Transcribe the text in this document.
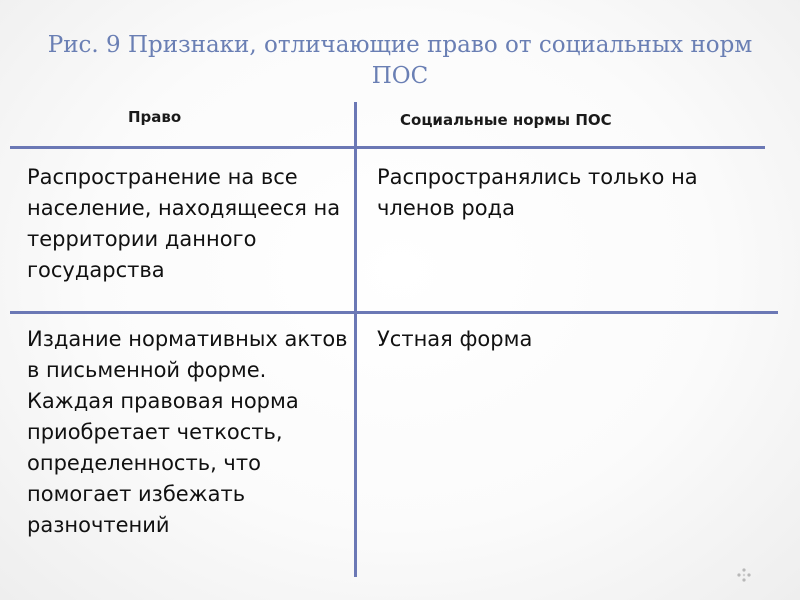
Рис. 9 Признаки, отличающие право от социальных норм ПОС
Право	Социальные нормы ПОС
Распространение на все население, находящееся на территории данного государства
Распространялись только на членов рода
Издание нормативных актов в письменной форме. Каждая правовая норма приобретает четкость, определенность, что помогает избежать разночтений
Устная форма
